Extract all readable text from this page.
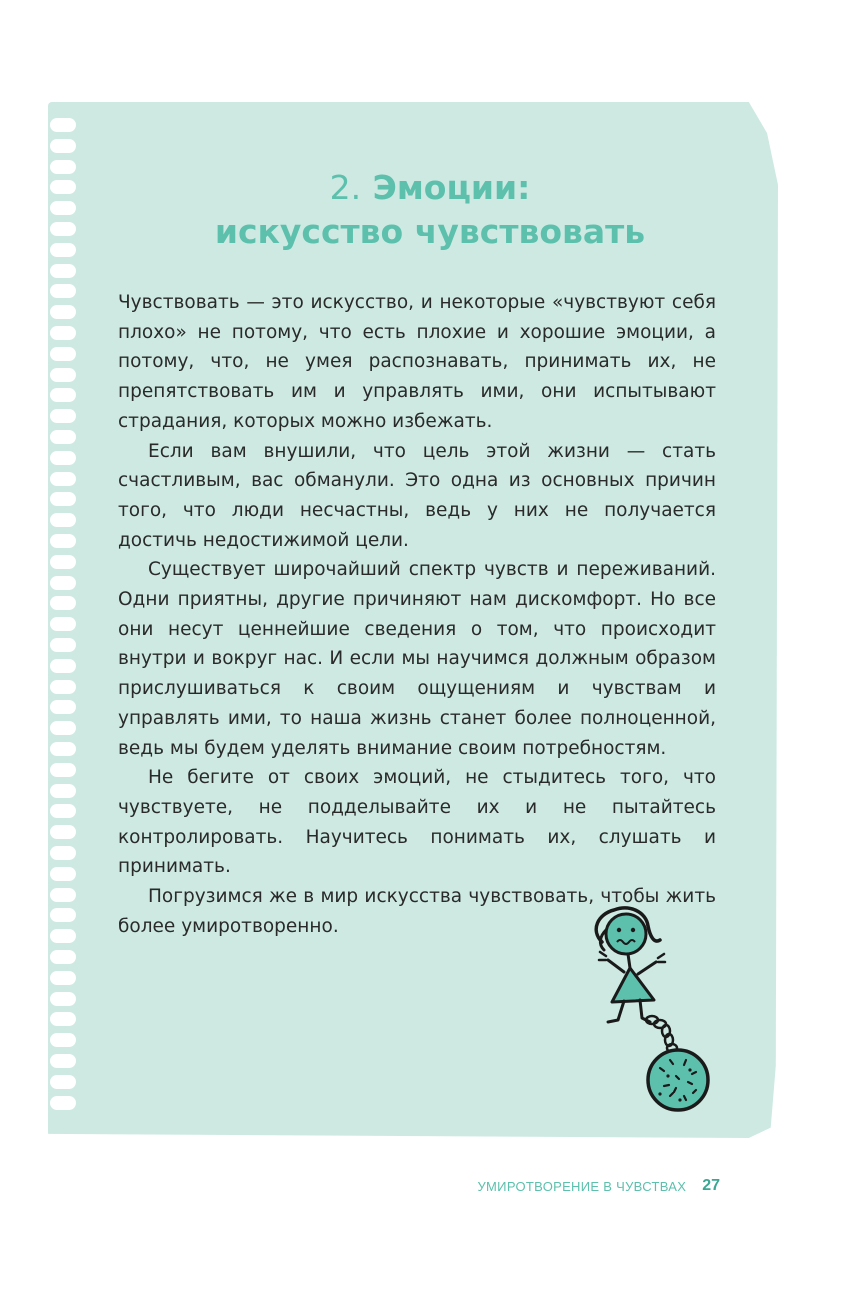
2. Эмоции:
искусство чувствовать

Чувствовать — это искусство, и некоторые «чувствуют себя плохо» не потому, что есть плохие и хорошие эмоции, а потому, что, не умея распознавать, принимать их, не препятствовать им и управлять ими, они испытывают страдания, которых можно избежать.

Если вам внушили, что цель этой жизни — стать счастливым, вас обманули. Это одна из основных причин того, что люди несчастны, ведь у них не получается достичь недостижимой цели.

Существует широчайший спектр чувств и переживаний. Одни приятны, другие причиняют нам дискомфорт. Но все они несут ценнейшие сведения о том, что происходит внутри и вокруг нас. И если мы научимся должным образом прислушиваться к своим ощущениям и чувствам и управлять ими, то наша жизнь станет более полноценной, ведь мы будем уделять внимание своим потребностям.

Не бегите от своих эмоций, не стыдитесь того, что чувствуете, не подделывайте их и не пытайтесь контролировать. Научитесь понимать их, слушать и принимать.

Погрузимся же в мир искусства чувствовать, чтобы жить более умиротворенно.

УМИРОТВОРЕНИЕ В ЧУВСТВАХ 27
